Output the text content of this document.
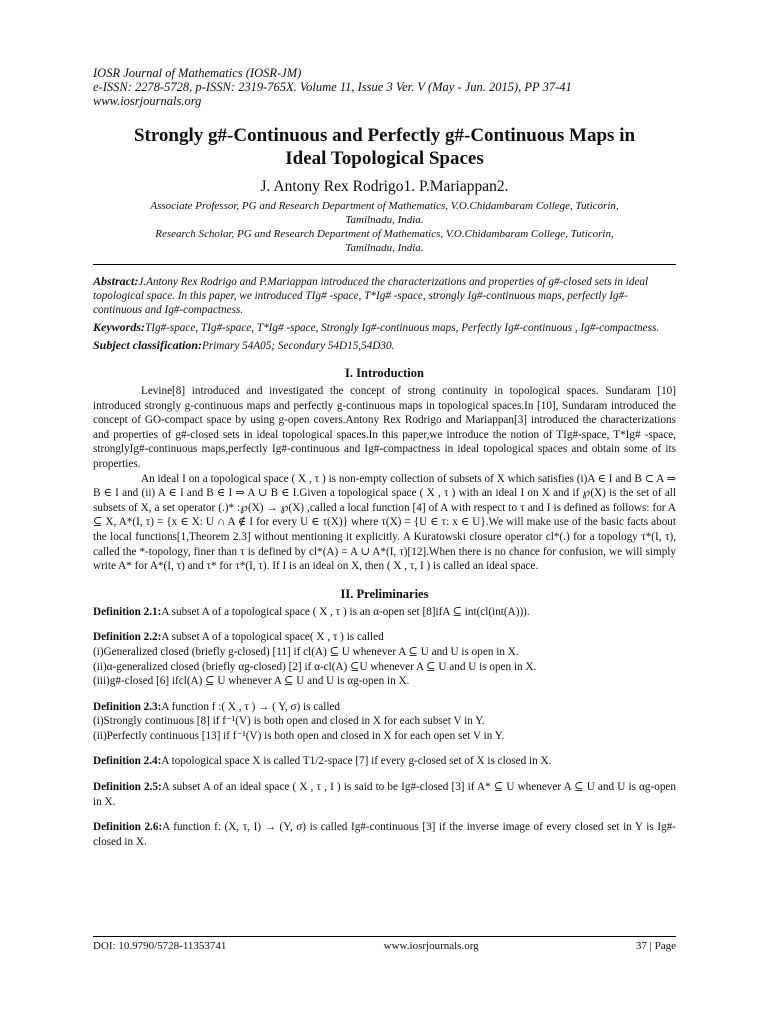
IOSR Journal of Mathematics (IOSR-JM)

e-ISSN: 2278-5728, p-ISSN: 2319-765X. Volume 11, Issue 3 Ver. V (May - Jun. 2015), PP 37-41

www.iosrjournals.org

Strongly g#-Continuous and Perfectly g#-Continuous Maps in
Ideal Topological Spaces

J. Antony Rex Rodrigo1. P.Mariappan2.

Associate Professor, PG and Research Department of Mathematics, V.O.Chidambaram College, Tuticorin,

Tamilnadu, India.

Research Scholar, PG and Research Department of Mathematics, V.O.Chidambaram College, Tuticorin,

Tamilnadu, India.

Abstract:J.Antony Rex Rodrigo and P.Mariappan introduced the characterizations and properties of g#-closed sets in ideal topological space. In this paper, we introduced TIg# -space, T*Ig# -space, strongly Ig#-continuous maps, perfectly Ig#-continuous and Ig#-compactness.

Keywords:TIg#-space, TIg#-space, T*Ig# -space, Strongly Ig#-continuous maps, Perfectly Ig#-continuous , Ig#-compactness.

Subject classification:Primary 54A05; Secondary 54D15,54D30.

I. Introduction

Levine[8] introduced and investigated the concept of strong continuity in topological spaces. Sundaram [10] introduced strongly g-continuous maps and perfectly g-continuous maps in topological spaces.In [10], Sundaram introduced the concept of GO-compact space by using g-open covers.Antony Rex Rodrigo and Mariappan[3] introduced the characterizations and properties of g#-closed sets in ideal topological spaces.In this paper,we introduce the notion of TIg#-space, T*Ig# -space, stronglyIg#-continuous maps,perfectly Ig#-continuous and Ig#-compactness in ideal topological spaces and obtain some of its properties.

An ideal I on a topological space ( X , τ ) is non-empty collection of subsets of X which satisfies (i)A ∈ I and B ⊂ A ⇒ B ∈ I and (ii) A ∈ I and B ∈ I ⇒ A ∪ B ∈ I.Given a topological space ( X , τ ) with an ideal I on X and if ℘(X) is the set of all subsets of X, a set operator (.)* :℘(X) → ℘(X) ,called a local function [4] of A with respect to τ and I is defined as follows: for A ⊆ X, A*(I, τ) = {x ∈ X: U ∩ A ∉ I for every U ∈ τ(X)} where τ(X) = {U ∈ τ: x ∈ U}.We will make use of the basic facts about the local functions[1,Theorem 2.3] without mentioning it explicitly. A Kuratowski closure operator cl*(.) for a topology τ*(I, τ), called the *-topology, finer than τ is defined by cl*(A) = A ∪ A*(I, τ)[12].When there is no chance for confusion, we will simply write A* for A*(I, τ) and τ* for τ*(I, τ). If I is an ideal on X, then ( X , τ, I ) is called an ideal space.

II. Preliminaries

Definition 2.1:A subset A of a topological space ( X , τ ) is an α-open set [8]ifA ⊆ int(cl(int(A))).

Definition 2.2:A subset A of a topological space( X , τ ) is called
(i)Generalized closed (briefly g-closed) [11] if cl(A) ⊆ U whenever A ⊆ U and U is open in X.
(ii)α-generalized closed (briefly αg-closed) [2] if α-cl(A) ⊆U whenever A ⊆ U and U is open in X.
(iii)g#-closed [6] ifcl(A) ⊆ U whenever A ⊆ U and U is αg-open in X.

Definition 2.3:A function f :( X , τ ) → ( Y, σ) is called
(i)Strongly continuous [8] if f⁻¹(V) is both open and closed in X for each subset V in Y.
(ii)Perfectly continuous [13] if f⁻¹(V) is both open and closed in X for each open set V in Y.

Definition 2.4:A topological space X is called T1/2-space [7] if every g-closed set of X is closed in X.

Definition 2.5:A subset A of an ideal space ( X , τ , I ) is said to be Ig#-closed [3] if A* ⊆ U whenever A ⊆ U and U is αg-open in X.

Definition 2.6:A function f: (X, τ, I) → (Y, σ) is called Ig#-continuous [3] if the inverse image of every closed set in Y is Ig#-closed in X.

DOI: 10.9790/5728-11353741	www.iosrjournals.org	37 | Page
